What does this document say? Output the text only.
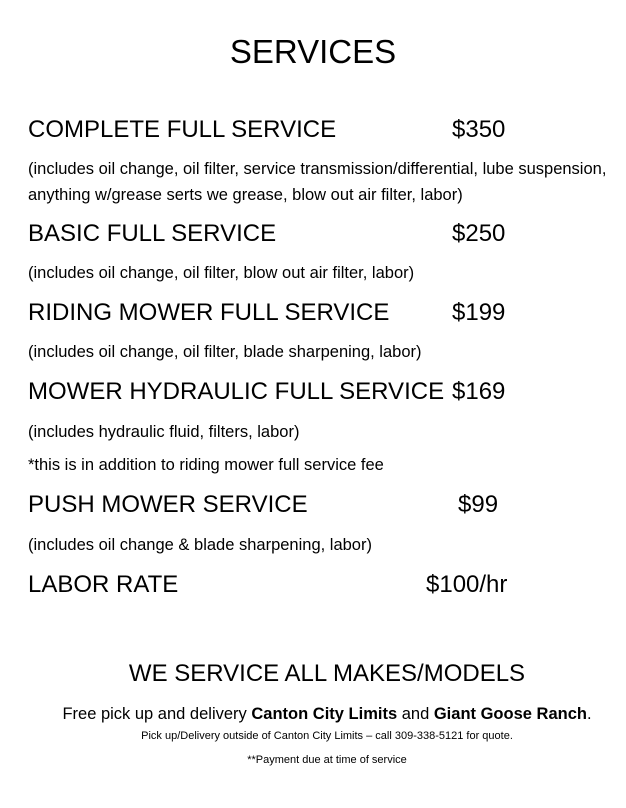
SERVICES
COMPLETE FULL SERVICE	$350
(includes oil change, oil filter, service transmission/differential, lube suspension, anything w/grease serts we grease, blow out air filter, labor)
BASIC FULL SERVICE	$250
(includes oil change, oil filter, blow out air filter, labor)
RIDING MOWER FULL SERVICE	$199
(includes oil change, oil filter, blade sharpening, labor)
MOWER HYDRAULIC FULL SERVICE $169
(includes hydraulic fluid, filters, labor)
*this is in addition to riding mower full service fee
PUSH MOWER SERVICE	$99
(includes oil change & blade sharpening, labor)
LABOR RATE	$100/hr
WE SERVICE ALL MAKES/MODELS
Free pick up and delivery Canton City Limits and Giant Goose Ranch.
Pick up/Delivery outside of Canton City Limits – call 309-338-5121 for quote.
**Payment due at time of service
